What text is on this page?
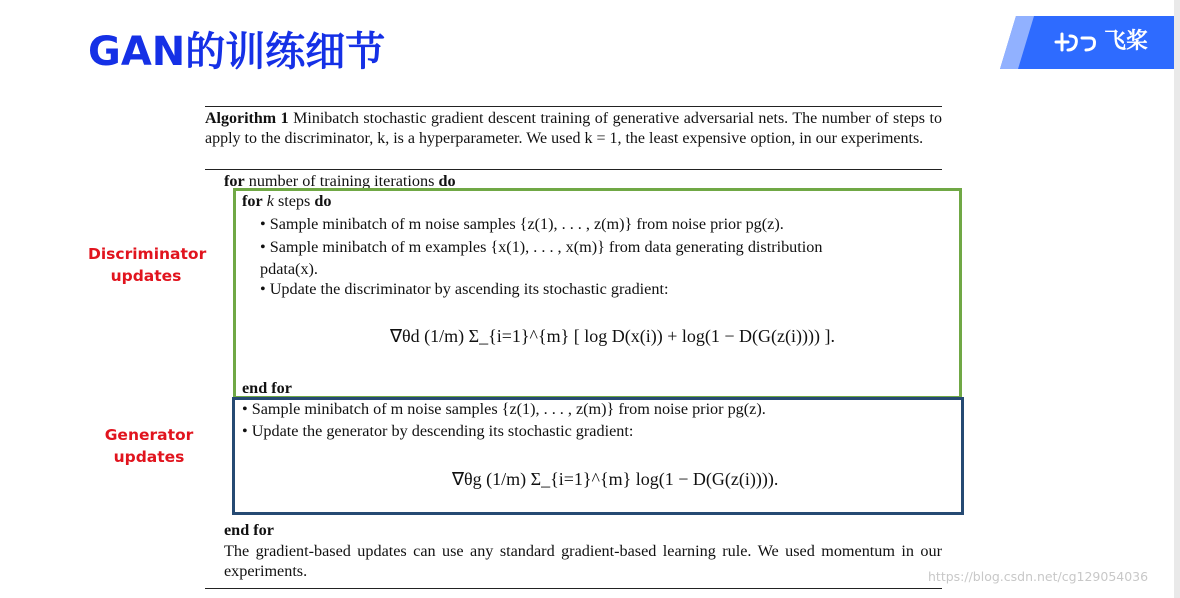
GAN的训练细节	飞桨
Discriminator
updates
Generator
updates
Algorithm 1 Minibatch stochastic gradient descent training of generative adversarial nets. The number of steps to apply to the discriminator, k, is a hyperparameter. We used k = 1, the least expensive option, in our experiments.
for number of training iterations do
for k steps do
• Sample minibatch of m noise samples {z(1), . . . , z(m)} from noise prior pg(z).
• Sample minibatch of m examples {x(1), . . . , x(m)} from data generating distribution
pdata(x).
• Update the discriminator by ascending its stochastic gradient:
∇θd (1/m) Σ_{i=1}^{m} [ log D(x(i)) + log(1 − D(G(z(i)))) ].
end for
• Sample minibatch of m noise samples {z(1), . . . , z(m)} from noise prior pg(z).
• Update the generator by descending its stochastic gradient:
∇θg (1/m) Σ_{i=1}^{m} log(1 − D(G(z(i)))).
end for
The gradient-based updates can use any standard gradient-based learning rule. We used momentum in our experiments.	https://blog.csdn.net/cg129054036
